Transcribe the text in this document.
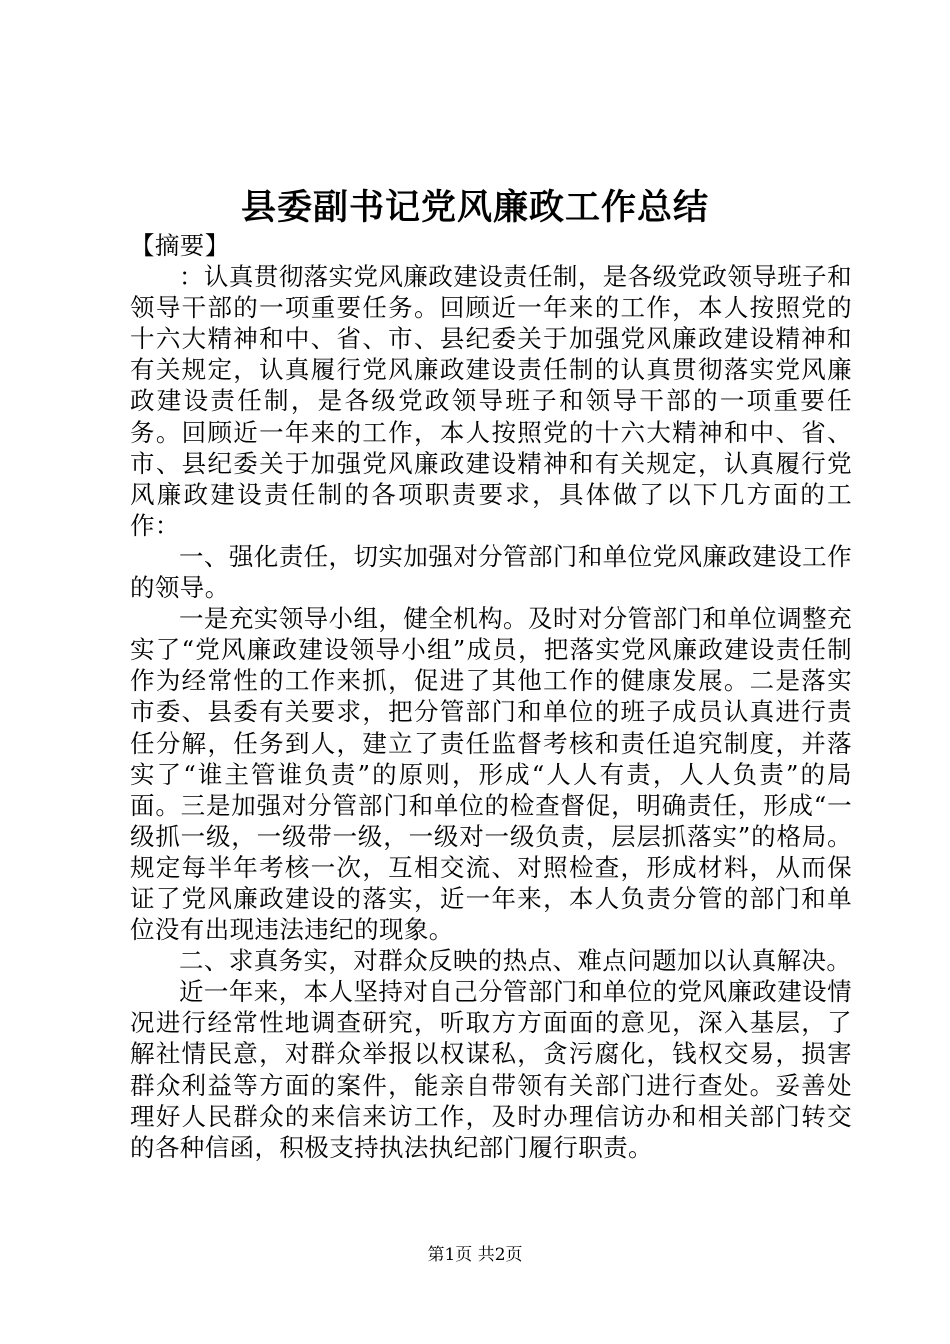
县委副书记党风廉政工作总结

【摘要】

：认真贯彻落实党风廉政建设责任制，是各级党政领导班子和领导干部的一项重要任务。回顾近一年来的工作，本人按照党的十六大精神和中、省、市、县纪委关于加强党风廉政建设精神和有关规定，认真履行党风廉政建设责任制的认真贯彻落实党风廉政建设责任制，是各级党政领导班子和领导干部的一项重要任务。回顾近一年来的工作，本人按照党的十六大精神和中、省、市、县纪委关于加强党风廉政建设精神和有关规定，认真履行党风廉政建设责任制的各项职责要求，具体做了以下几方面的工作：

一、强化责任，切实加强对分管部门和单位党风廉政建设工作的领导。

一是充实领导小组，健全机构。及时对分管部门和单位调整充实了“党风廉政建设领导小组”成员，把落实党风廉政建设责任制作为经常性的工作来抓，促进了其他工作的健康发展。二是落实市委、县委有关要求，把分管部门和单位的班子成员认真进行责任分解，任务到人，建立了责任监督考核和责任追究制度，并落实了“谁主管谁负责”的原则，形成“人人有责，人人负责”的局面。三是加强对分管部门和单位的检查督促，明确责任，形成“一级抓一级，一级带一级，一级对一级负责，层层抓落实”的格局。规定每半年考核一次，互相交流、对照检查，形成材料，从而保证了党风廉政建设的落实，近一年来，本人负责分管的部门和单位没有出现违法违纪的现象。

二、求真务实，对群众反映的热点、难点问题加以认真解决。

近一年来，本人坚持对自己分管部门和单位的党风廉政建设情况进行经常性地调查研究，听取方方面面的意见，深入基层，了解社情民意，对群众举报以权谋私，贪污腐化，钱权交易，损害群众利益等方面的案件，能亲自带领有关部门进行查处。妥善处理好人民群众的来信来访工作，及时办理信访办和相关部门转交的各种信函，积极支持执法执纪部门履行职责。

第1页 共2页
